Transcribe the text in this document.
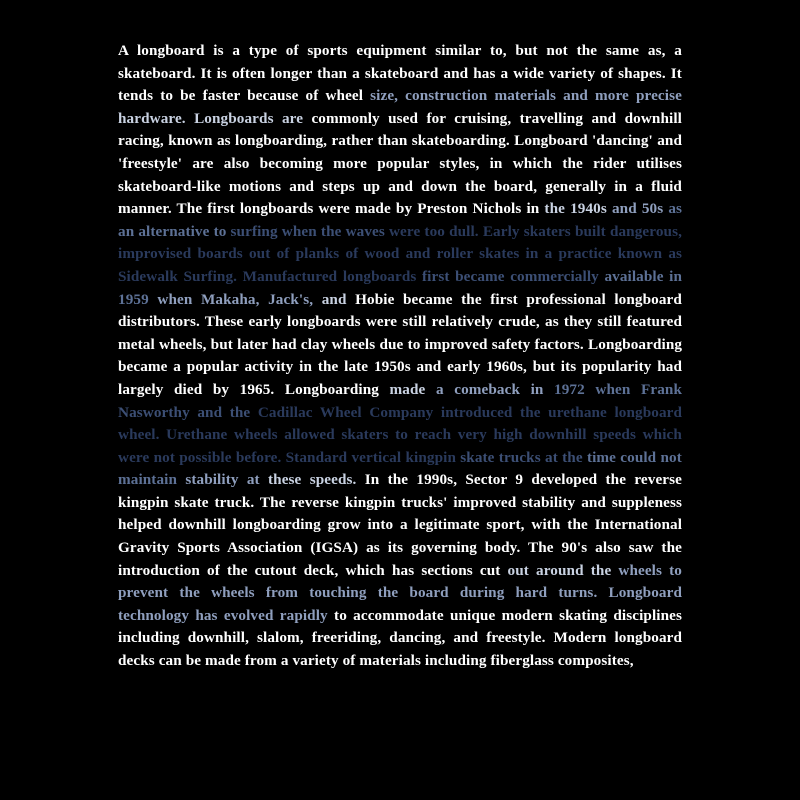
A longboard is a type of sports equipment similar to, but not the same as, a skateboard. It is often longer than a skateboard and has a wide variety of shapes. It tends to be faster because of wheel size, construction materials and more precise hardware. Longboards are commonly used for cruising, travelling and downhill racing, known as longboarding, rather than skateboarding. Longboard 'dancing' and 'freestyle' are also becoming more popular styles, in which the rider utilises skateboard-like motions and steps up and down the board, generally in a fluid manner. The first longboards were made by Preston Nichols in the 1940s and 50s as an alternative to surfing when the waves were too dull. Early skaters built dangerous, improvised boards out of planks of wood and roller skates in a practice known as Sidewalk Surfing. Manufactured longboards first became commercially available in 1959 when Makaha, Jack's, and Hobie became the first professional longboard distributors. These early longboards were still relatively crude, as they still featured metal wheels, but later had clay wheels due to improved safety factors. Longboarding became a popular activity in the late 1950s and early 1960s, but its popularity had largely died by 1965. Longboarding made a comeback in 1972 when Frank Nasworthy and the Cadillac Wheel Company introduced the urethane longboard wheel. Urethane wheels allowed skaters to reach very high downhill speeds which were not possible before. Standard vertical kingpin skate trucks at the time could not maintain stability at these speeds. In the 1990s, Sector 9 developed the reverse kingpin skate truck. The reverse kingpin trucks' improved stability and suppleness helped downhill longboarding grow into a legitimate sport, with the International Gravity Sports Association (IGSA) as its governing body. The 90's also saw the introduction of the cutout deck, which has sections cut out around the wheels to prevent the wheels from touching the board during hard turns. Longboard technology has evolved rapidly to accommodate unique modern skating disciplines including downhill, slalom, freeriding, dancing, and freestyle. Modern longboard decks can be made from a variety of materials including fiberglass composites,
